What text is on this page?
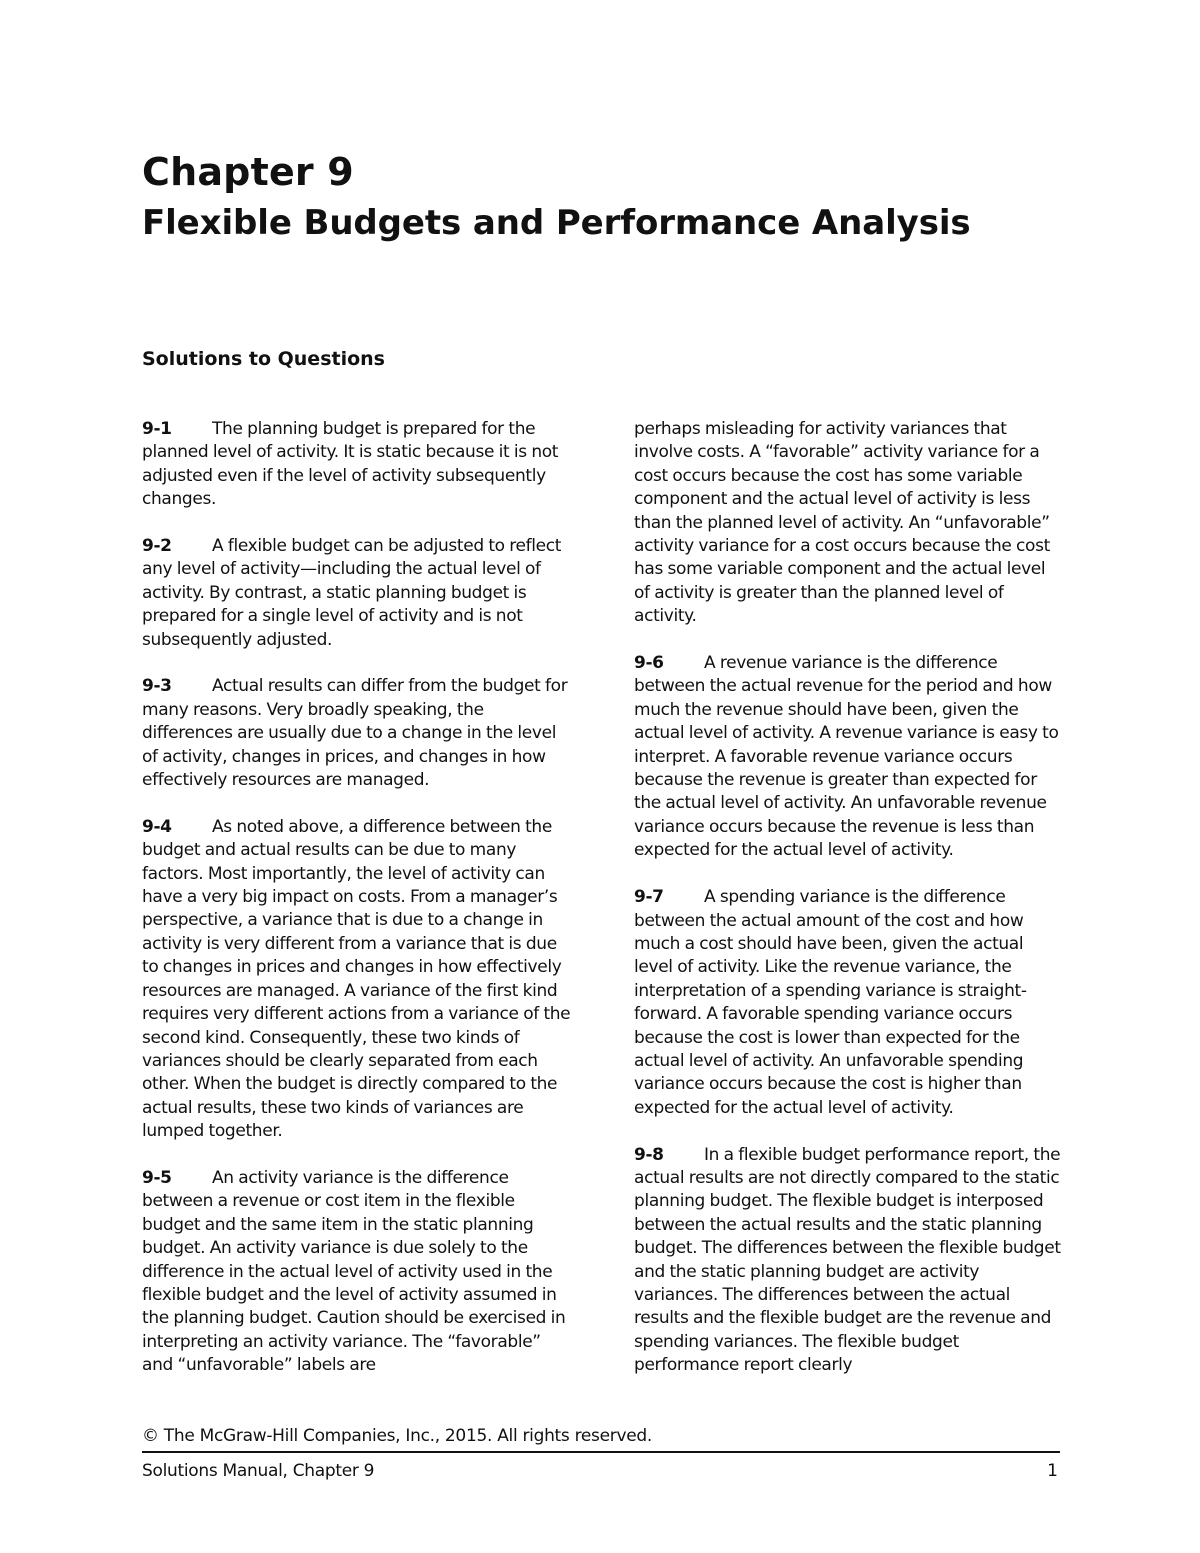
Chapter 9
Flexible Budgets and Performance Analysis
Solutions to Questions

9-1 The planning budget is prepared for the planned level of activity. It is static because it is not adjusted even if the level of activity subsequently changes.

9-2 A flexible budget can be adjusted to reflect any level of activity—including the actual level of activity. By contrast, a static planning budget is prepared for a single level of activity and is not subsequently adjusted.

9-3 Actual results can differ from the budget for many reasons. Very broadly speaking, the differences are usually due to a change in the level of activity, changes in prices, and changes in how effectively resources are managed.

9-4 As noted above, a difference between the budget and actual results can be due to many factors. Most importantly, the level of activity can have a very big impact on costs. From a manager’s perspective, a variance that is due to a change in activity is very different from a variance that is due to changes in prices and changes in how effectively resources are managed. A variance of the first kind requires very different actions from a variance of the second kind. Consequently, these two kinds of variances should be clearly separated from each other. When the budget is directly compared to the actual results, these two kinds of variances are lumped together.

9-5 An activity variance is the difference between a revenue or cost item in the flexible budget and the same item in the static planning budget. An activity variance is due solely to the difference in the actual level of activity used in the flexible budget and the level of activity assumed in the planning budget. Caution should be exercised in interpreting an activity variance. The “favorable” and “unfavorable” labels are

perhaps misleading for activity variances that involve costs. A “favorable” activity variance for a cost occurs because the cost has some variable component and the actual level of activity is less than the planned level of activity. An “unfavorable” activity variance for a cost occurs because the cost has some variable component and the actual level of activity is greater than the planned level of activity.

9-6 A revenue variance is the difference between the actual revenue for the period and how much the revenue should have been, given the actual level of activity. A revenue variance is easy to interpret. A favorable revenue variance occurs because the revenue is greater than expected for the actual level of activity. An unfavorable revenue variance occurs because the revenue is less than expected for the actual level of activity.

9-7 A spending variance is the difference between the actual amount of the cost and how much a cost should have been, given the actual level of activity. Like the revenue variance, the interpretation of a spending variance is straight-forward. A favorable spending variance occurs because the cost is lower than expected for the actual level of activity. An unfavorable spending variance occurs because the cost is higher than expected for the actual level of activity.

9-8 In a flexible budget performance report, the actual results are not directly compared to the static planning budget. The flexible budget is interposed between the actual results and the static planning budget. The differences between the flexible budget and the static planning budget are activity variances. The differences between the actual results and the flexible budget are the revenue and spending variances. The flexible budget performance report clearly

© The McGraw-Hill Companies, Inc., 2015. All rights reserved.
Solutions Manual, Chapter 9	1
